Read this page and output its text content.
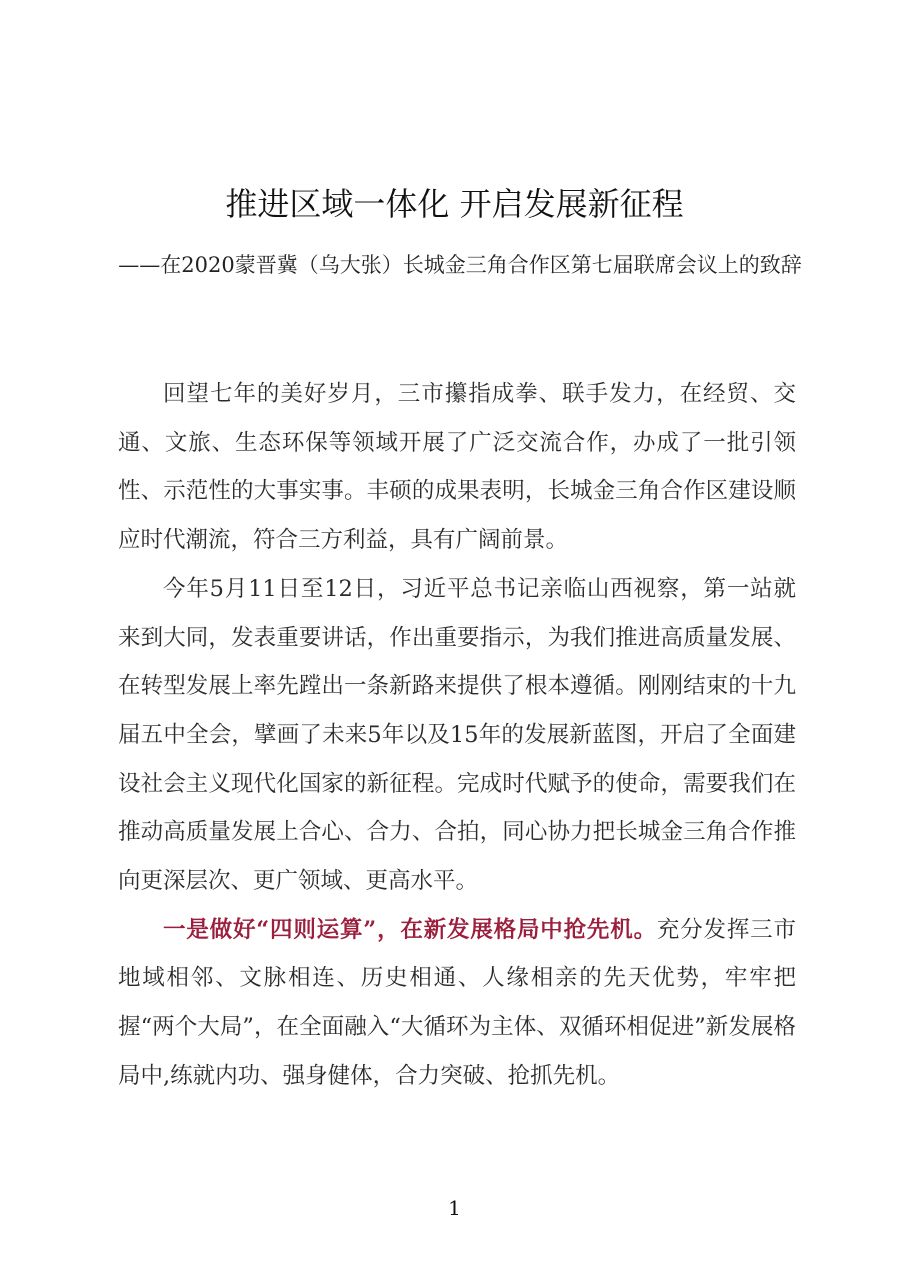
推进区域一体化 开启发展新征程
——在2020蒙晋冀（乌大张）长城金三角合作区第七届联席会议上的致辞

回望七年的美好岁月，三市攥指成拳、联手发力，在经贸、交通、文旅、生态环保等领域开展了广泛交流合作，办成了一批引领性、示范性的大事实事。丰硕的成果表明，长城金三角合作区建设顺应时代潮流，符合三方利益，具有广阔前景。

今年5月11日至12日，习近平总书记亲临山西视察，第一站就来到大同，发表重要讲话，作出重要指示，为我们推进高质量发展、在转型发展上率先蹚出一条新路来提供了根本遵循。刚刚结束的十九届五中全会，擘画了未来5年以及15年的发展新蓝图，开启了全面建设社会主义现代化国家的新征程。完成时代赋予的使命，需要我们在推动高质量发展上合心、合力、合拍，同心协力把长城金三角合作推向更深层次、更广领域、更高水平。

一是做好“四则运算”，在新发展格局中抢先机。充分发挥三市地域相邻、文脉相连、历史相通、人缘相亲的先天优势，牢牢把握“两个大局”，在全面融入“大循环为主体、双循环相促进”新发展格局中,练就内功、强身健体，合力突破、抢抓先机。

1
